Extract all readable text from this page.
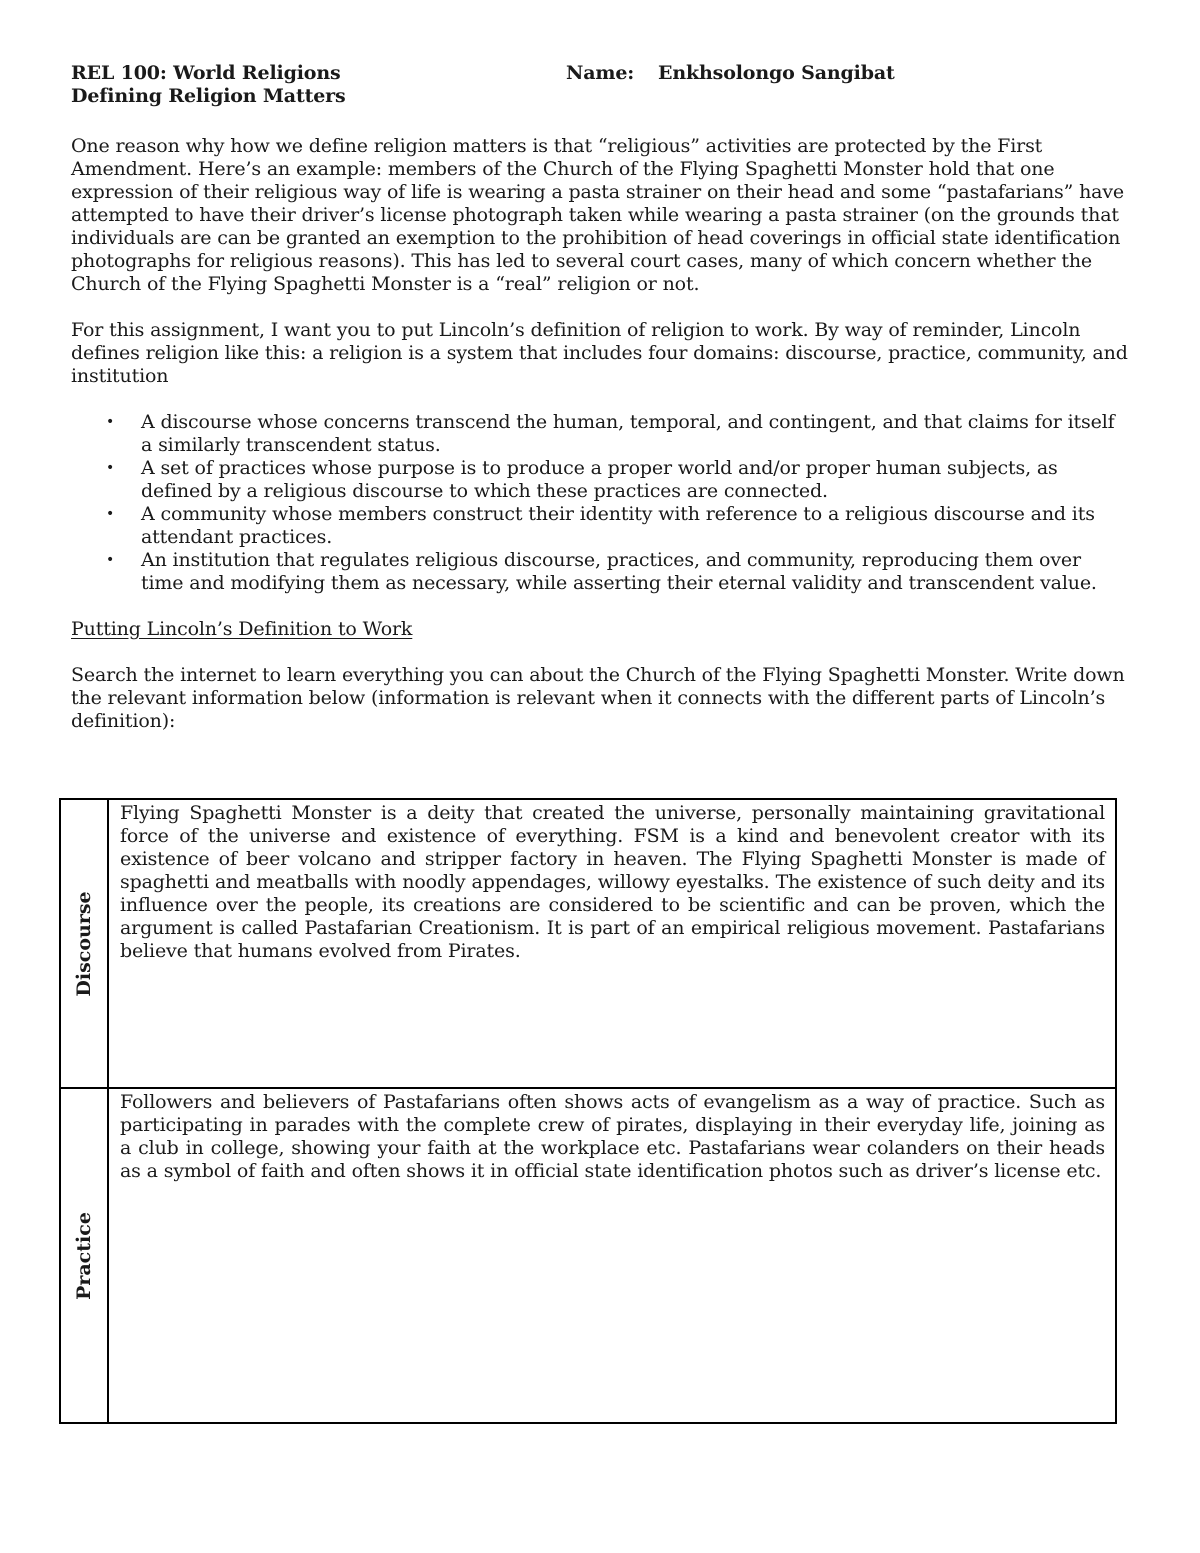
REL 100: World Religions	Name: Enkhsolongo Sangibat
Defining Religion Matters

One reason why how we define religion matters is that “religious” activities are protected by the First Amendment. Here’s an example: members of the Church of the Flying Spaghetti Monster hold that one expression of their religious way of life is wearing a pasta strainer on their head and some “pastafarians” have attempted to have their driver’s license photograph taken while wearing a pasta strainer (on the grounds that individuals are can be granted an exemption to the prohibition of head coverings in official state identification photographs for religious reasons). This has led to several court cases, many of which concern whether the Church of the Flying Spaghetti Monster is a “real” religion or not.

For this assignment, I want you to put Lincoln’s definition of religion to work. By way of reminder, Lincoln defines religion like this: a religion is a system that includes four domains: discourse, practice, community, and institution

• A discourse whose concerns transcend the human, temporal, and contingent, and that claims for itself a similarly transcendent status.
• A set of practices whose purpose is to produce a proper world and/or proper human subjects, as defined by a religious discourse to which these practices are connected.
• A community whose members construct their identity with reference to a religious discourse and its attendant practices.
• An institution that regulates religious discourse, practices, and community, reproducing them over time and modifying them as necessary, while asserting their eternal validity and transcendent value.

Putting Lincoln’s Definition to Work

Search the internet to learn everything you can about the Church of the Flying Spaghetti Monster. Write down the relevant information below (information is relevant when it connects with the different parts of Lincoln’s definition):

Discourse
Flying Spaghetti Monster is a deity that created the universe, personally maintaining gravitational force of the universe and existence of everything. FSM is a kind and benevolent creator with its existence of beer volcano and stripper factory in heaven. The Flying Spaghetti Monster is made of spaghetti and meatballs with noodly appendages, willowy eyestalks. The existence of such deity and its influence over the people, its creations are considered to be scientific and can be proven, which the argument is called Pastafarian Creationism. It is part of an empirical religious movement. Pastafarians believe that humans evolved from Pirates.
Practice
Followers and believers of Pastafarians often shows acts of evangelism as a way of practice. Such as participating in parades with the complete crew of pirates, displaying in their everyday life, joining as a club in college, showing your faith at the workplace etc. Pastafarians wear colanders on their heads as a symbol of faith and often shows it in official state identification photos such as driver’s license etc.
